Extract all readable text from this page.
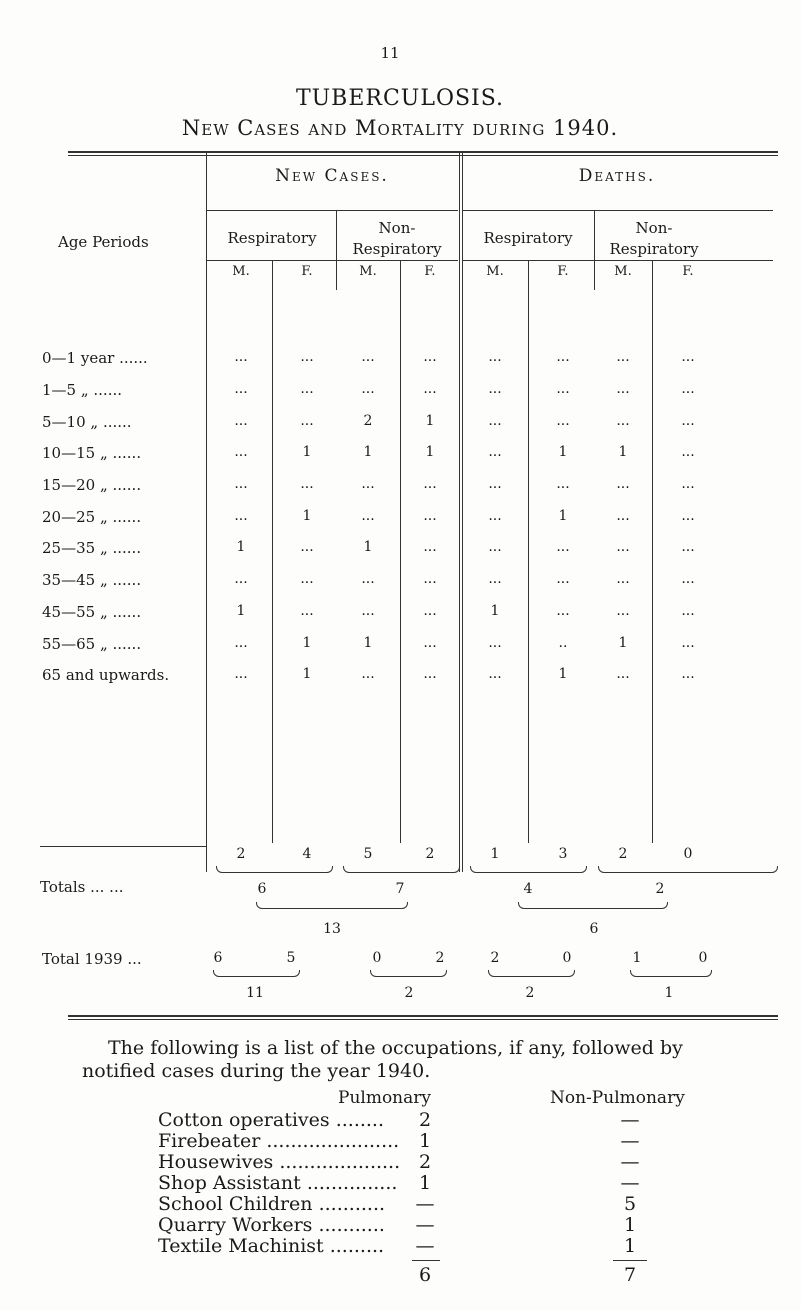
11
TUBERCULOSIS.
New Cases and Mortality during 1940.
New Cases.	Deaths.
Age Periods	Respiratory
Non-Respiratory
Respiratory
Non-Respiratory
M.	F.	M.	F.	M.	F.	M.	F.
0—1 year ......	...	...	...	...	...	...	...	...
1—5 „ ......	...	...	...	...	...	...	...	...
5—10 „ ......	...	...	2	1	...	...	...	...
10—15 „ ......	...	1	1	1	...	1	1	...
15—20 „ ......	...	...	...	...	...	...	...	...
20—25 „ ......	...	1	...	...	...	1	...	...
25—35 „ ......	1	...	1	...	...	...	...	...
35—45 „ ......	...	...	...	...	...	...	...	...
45—55 „ ......	1	...	...	...	1	...	...	...
55—65 „ ......	...	1	1	...	...	..	1	...
65 and upwards.	...	1	...	...	...	1	...	...
Totals ... ...
2	4	5	2	1	3	2	0
6	7	4	2
13	6
Total 1939 ...	6	5	0	2	2	0	1	0
11	2	2	1
The following is a list of the occupations, if any, followed by
notified cases during the year 1940.
Pulmonary	Non-Pulmonary
Cotton operatives ........ 2	—
Firebeater ...................... 1	—
Housewives .................... 2	—
Shop Assistant ............... 1	—
School Children ........... —	5
Quarry Workers ........... —	1
Textile Machinist ......... —	1
6	7
